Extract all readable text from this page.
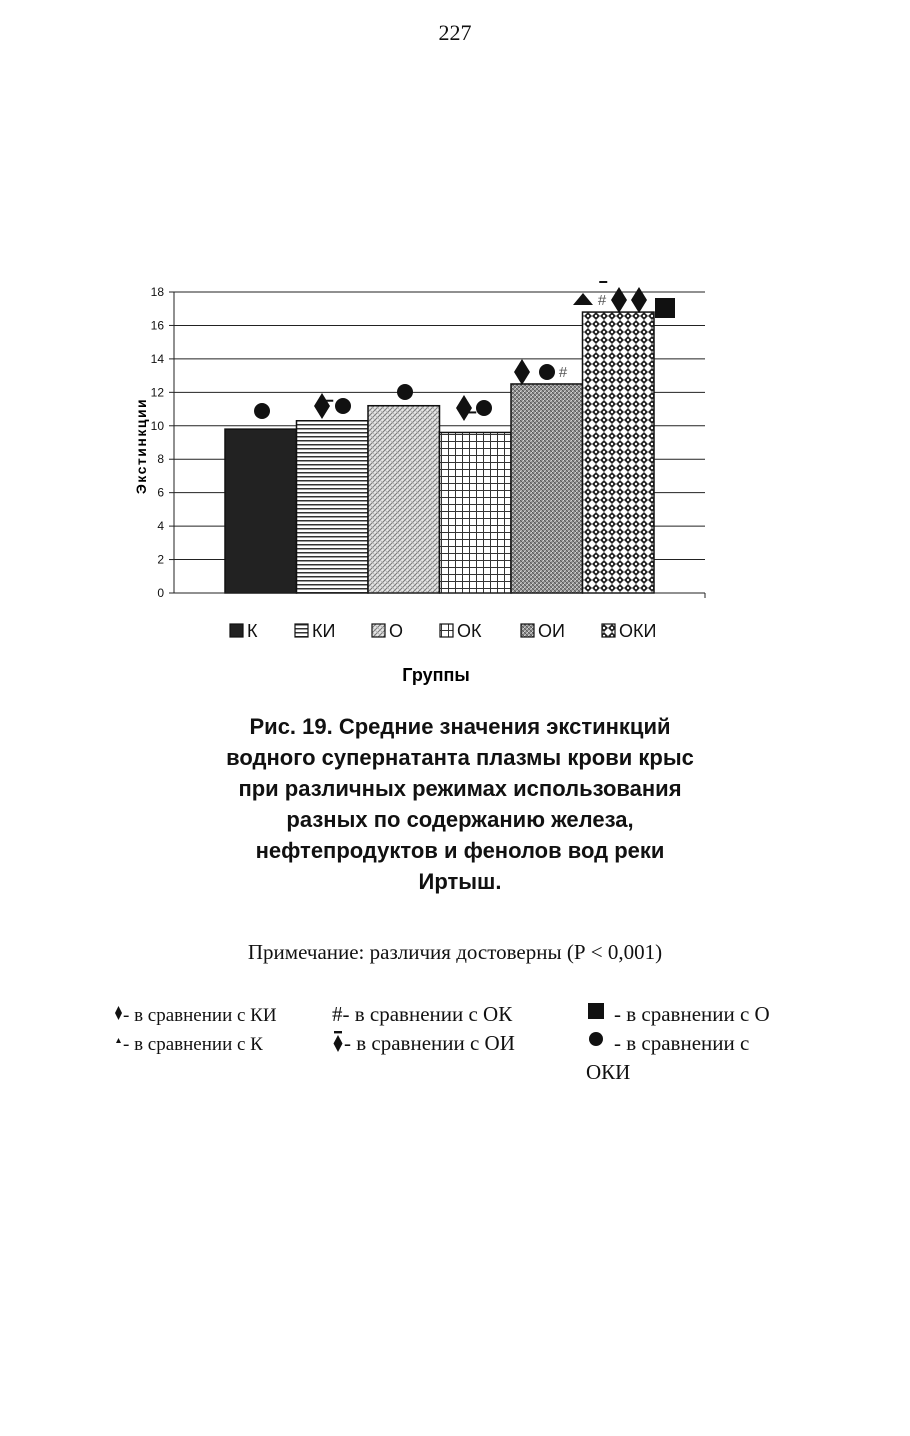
227
#
#
Экстинкции
0
2
4
6
8
10
12
14
16
18
К	КИ	О	ОК	ОИ	ОКИ
Группы
Рис. 19. Средние значения экстинкций
водного супернатанта плазмы крови крыс
при различных режимах использования
разных по содержанию железа,
нефтепродуктов и фенолов вод реки
Иртыш.
Примечание: различия достоверны (Р < 0,001)
- в сравнении с КИ
- в сравнении с К
#- в сравнении с ОК
- в сравнении с ОИ
- в сравнении с О
- в сравнении с
ОКИ
